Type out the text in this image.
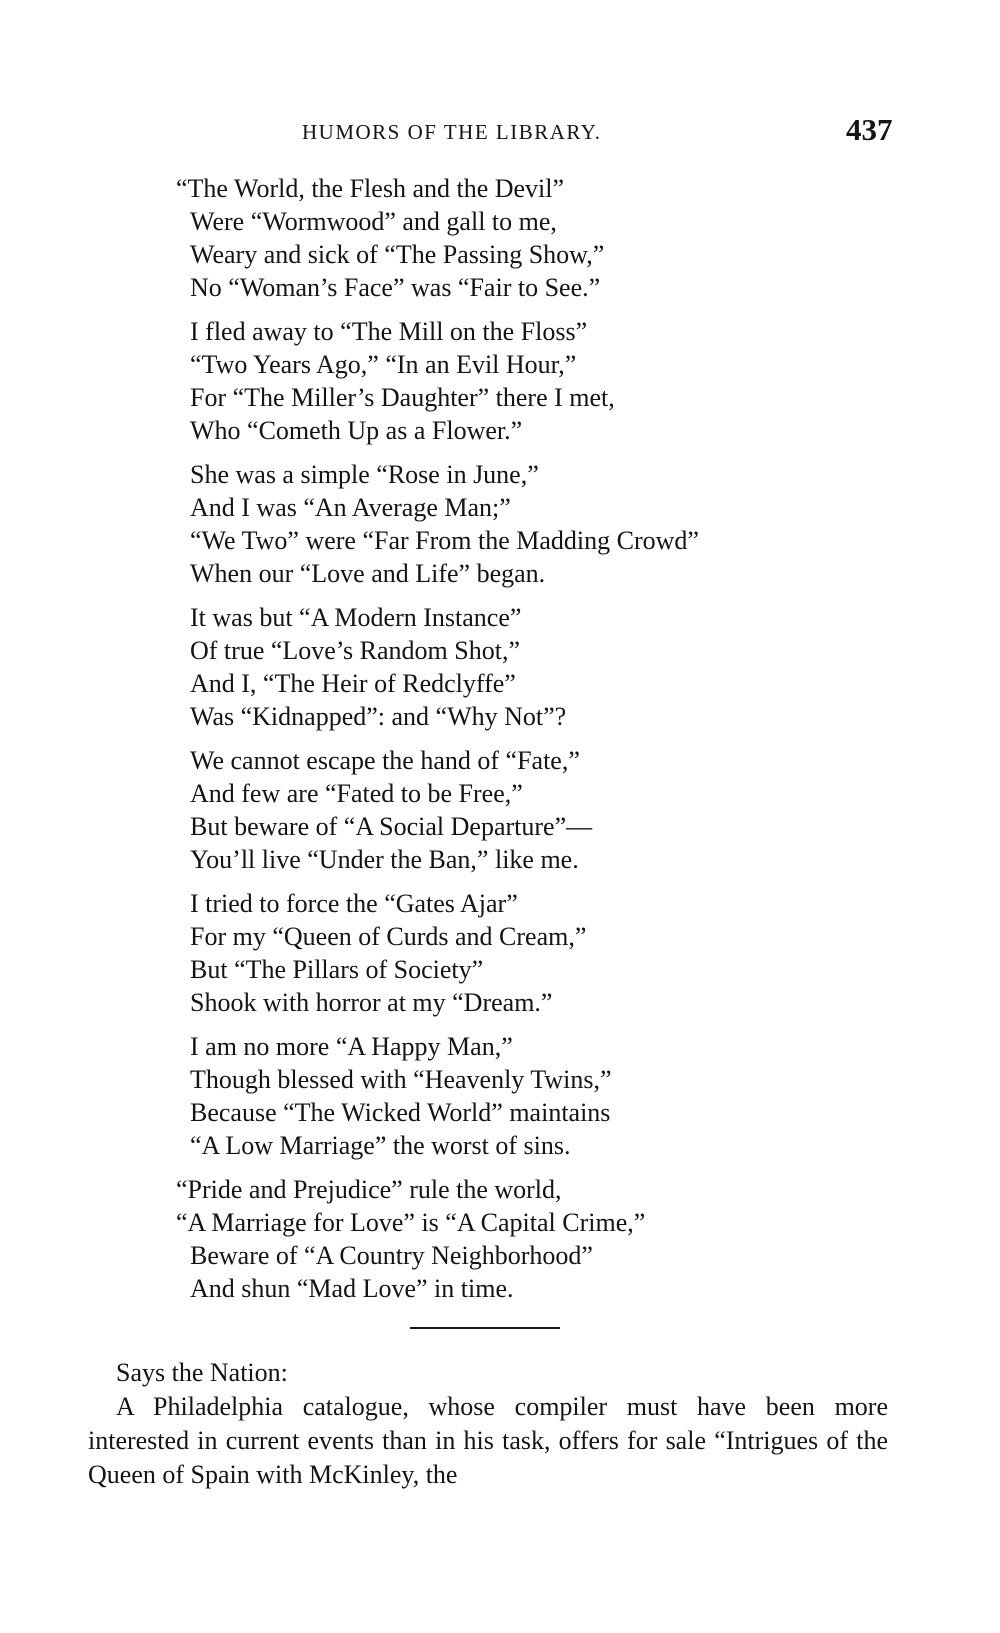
HUMORS OF THE LIBRARY.	437
“The World, the Flesh and the Devil”
Were “Wormwood” and gall to me,
Weary and sick of “The Passing Show,”
No “Woman’s Face” was “Fair to See.”
I fled away to “The Mill on the Floss”
“Two Years Ago,” “In an Evil Hour,”
For “The Miller’s Daughter” there I met,
Who “Cometh Up as a Flower.”
She was a simple “Rose in June,”
And I was “An Average Man;”
“We Two” were “Far From the Madding Crowd”
When our “Love and Life” began.
It was but “A Modern Instance”
Of true “Love’s Random Shot,”
And I, “The Heir of Redclyffe”
Was “Kidnapped”: and “Why Not”?
We cannot escape the hand of “Fate,”
And few are “Fated to be Free,”
But beware of “A Social Departure”—
You’ll live “Under the Ban,” like me.
I tried to force the “Gates Ajar”
For my “Queen of Curds and Cream,”
But “The Pillars of Society”
Shook with horror at my “Dream.”
I am no more “A Happy Man,”
Though blessed with “Heavenly Twins,”
Because “The Wicked World” maintains
“A Low Marriage” the worst of sins.
“Pride and Prejudice” rule the world,
“A Marriage for Love” is “A Capital Crime,”
Beware of “A Country Neighborhood”
And shun “Mad Love” in time.
Says the Nation:
A Philadelphia catalogue, whose compiler must have been more interested in current events than in his task, offers for sale “Intrigues of the Queen of Spain with McKinley, the
